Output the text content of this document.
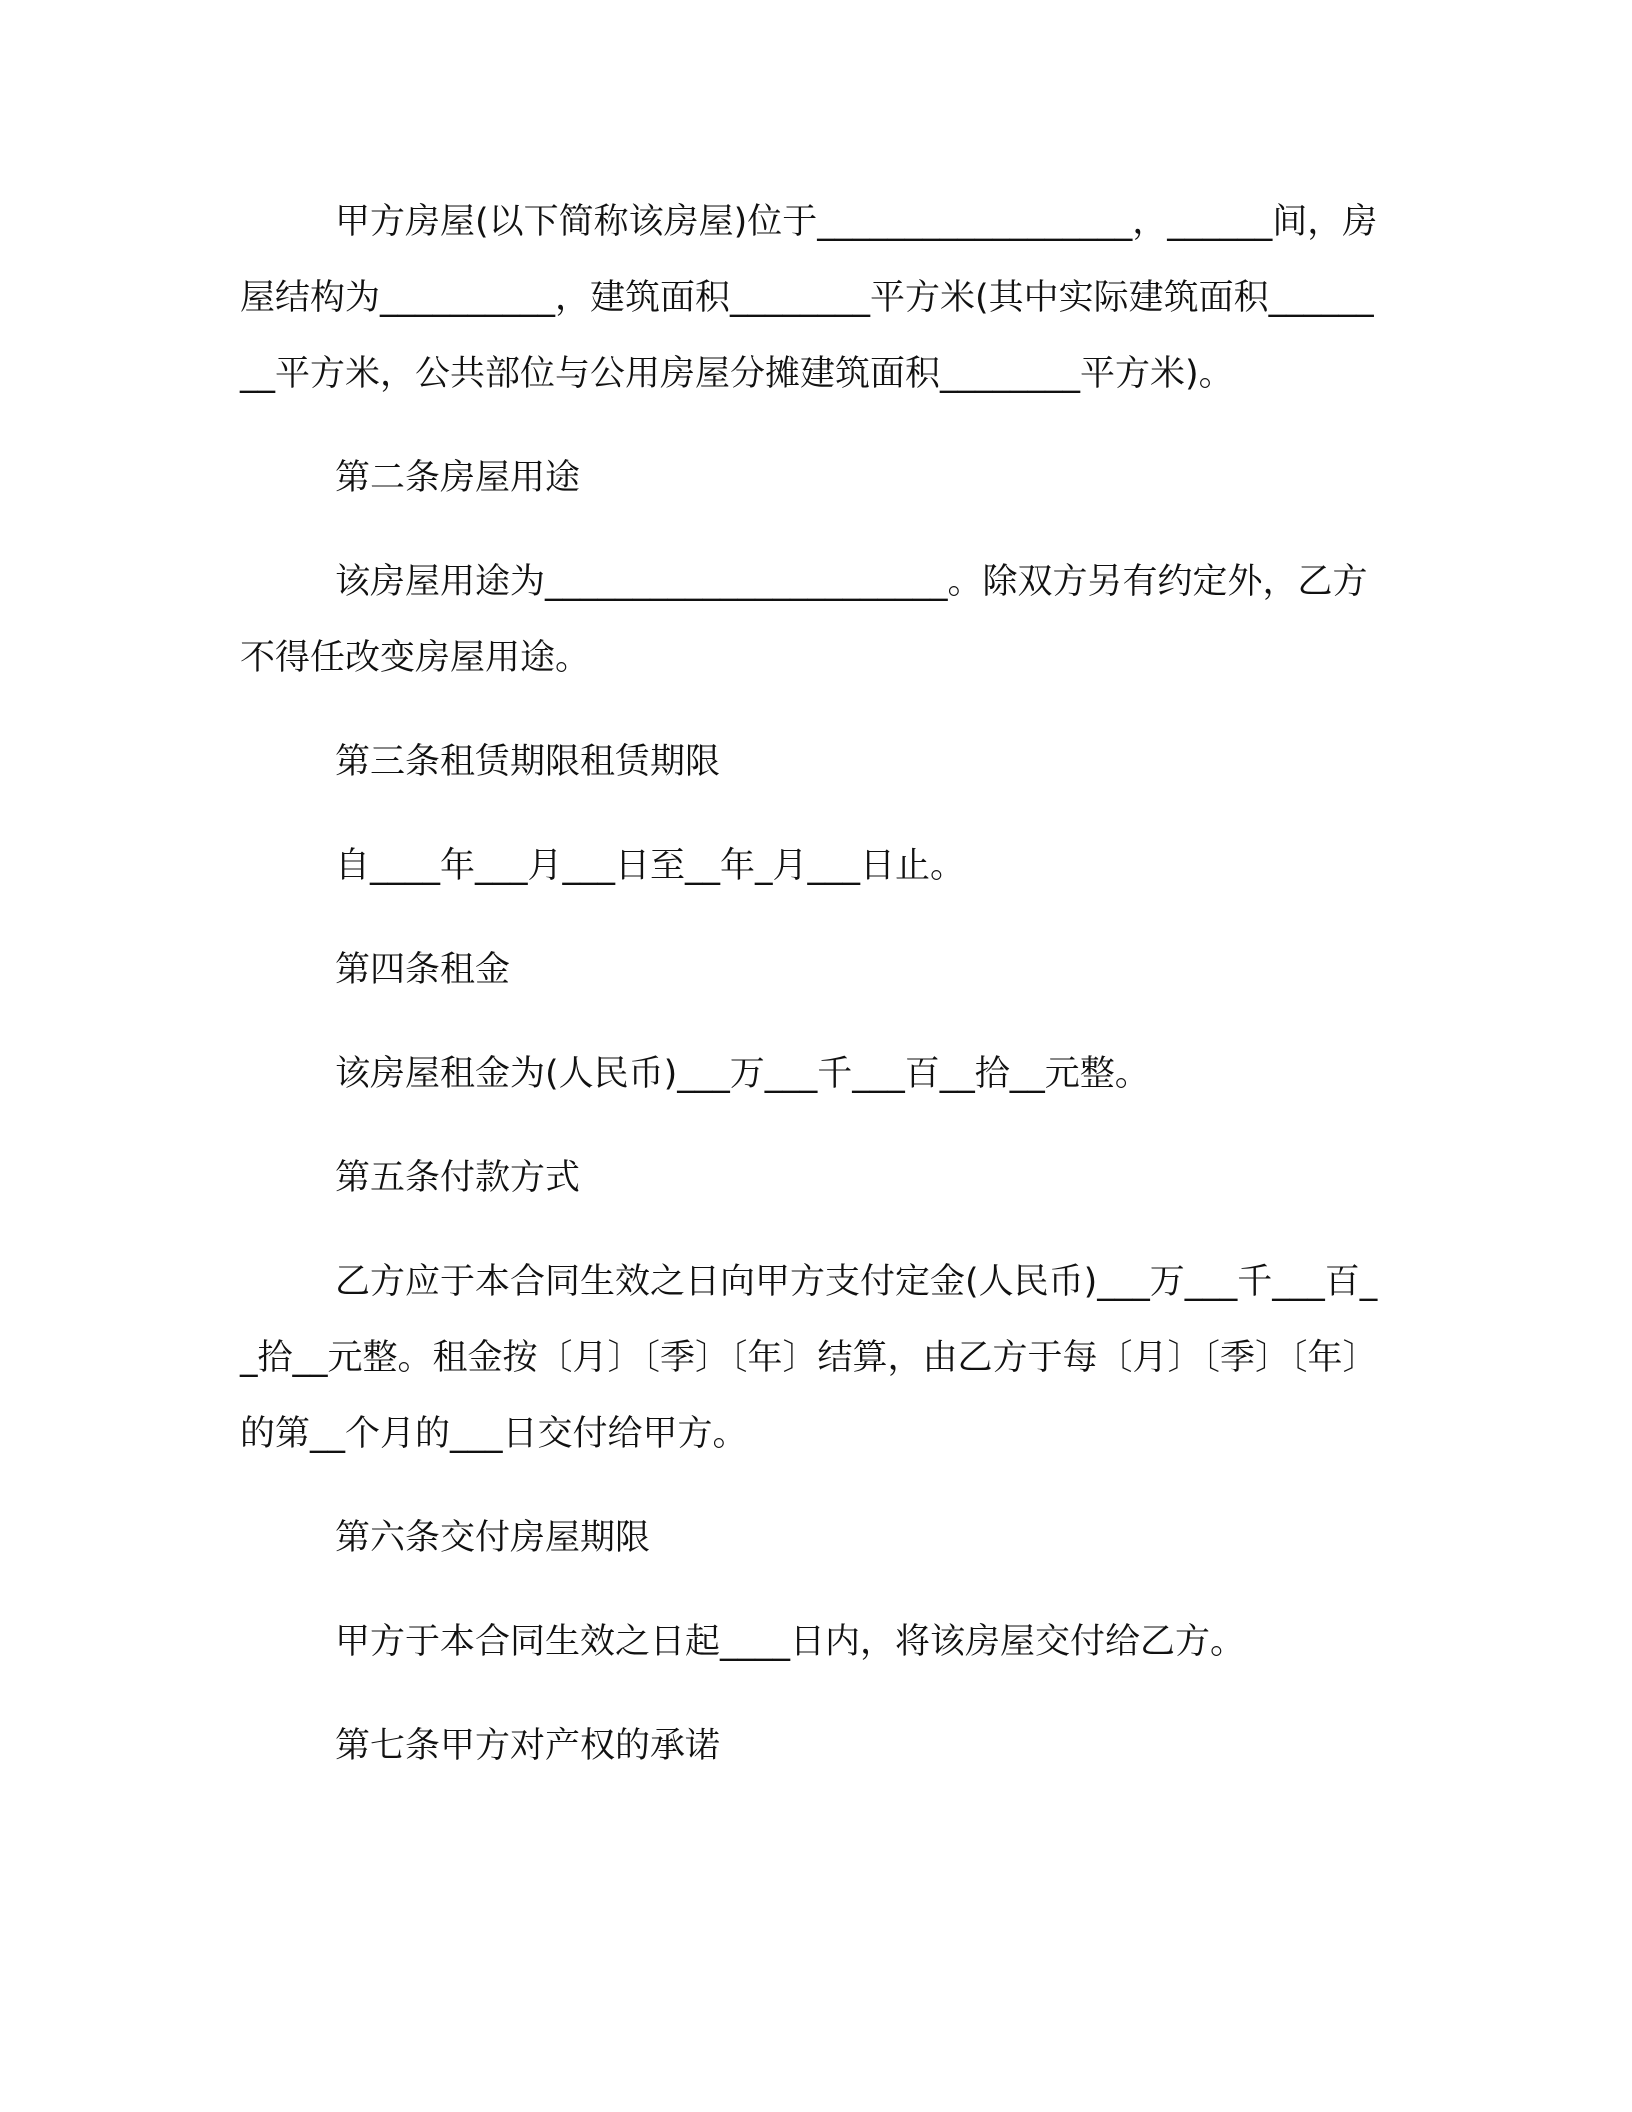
甲方房屋(以下简称该房屋)位于__________________，______间，房屋结构为__________，建筑面积________平方米(其中实际建筑面积________平方米，公共部位与公用房屋分摊建筑面积________平方米)。

第二条房屋用途

该房屋用途为_______________________。除双方另有约定外，乙方不得任改变房屋用途。

第三条租赁期限租赁期限

自____年___月___日至__年_月___日止。

第四条租金

该房屋租金为(人民币)___万___千___百__拾__元整。

第五条付款方式

乙方应于本合同生效之日向甲方支付定金(人民币)___万___千___百__拾__元整。租金按〔月〕〔季〕〔年〕结算，由乙方于每〔月〕〔季〕〔年〕的第__个月的___日交付给甲方。

第六条交付房屋期限

甲方于本合同生效之日起____日内，将该房屋交付给乙方。

第七条甲方对产权的承诺
